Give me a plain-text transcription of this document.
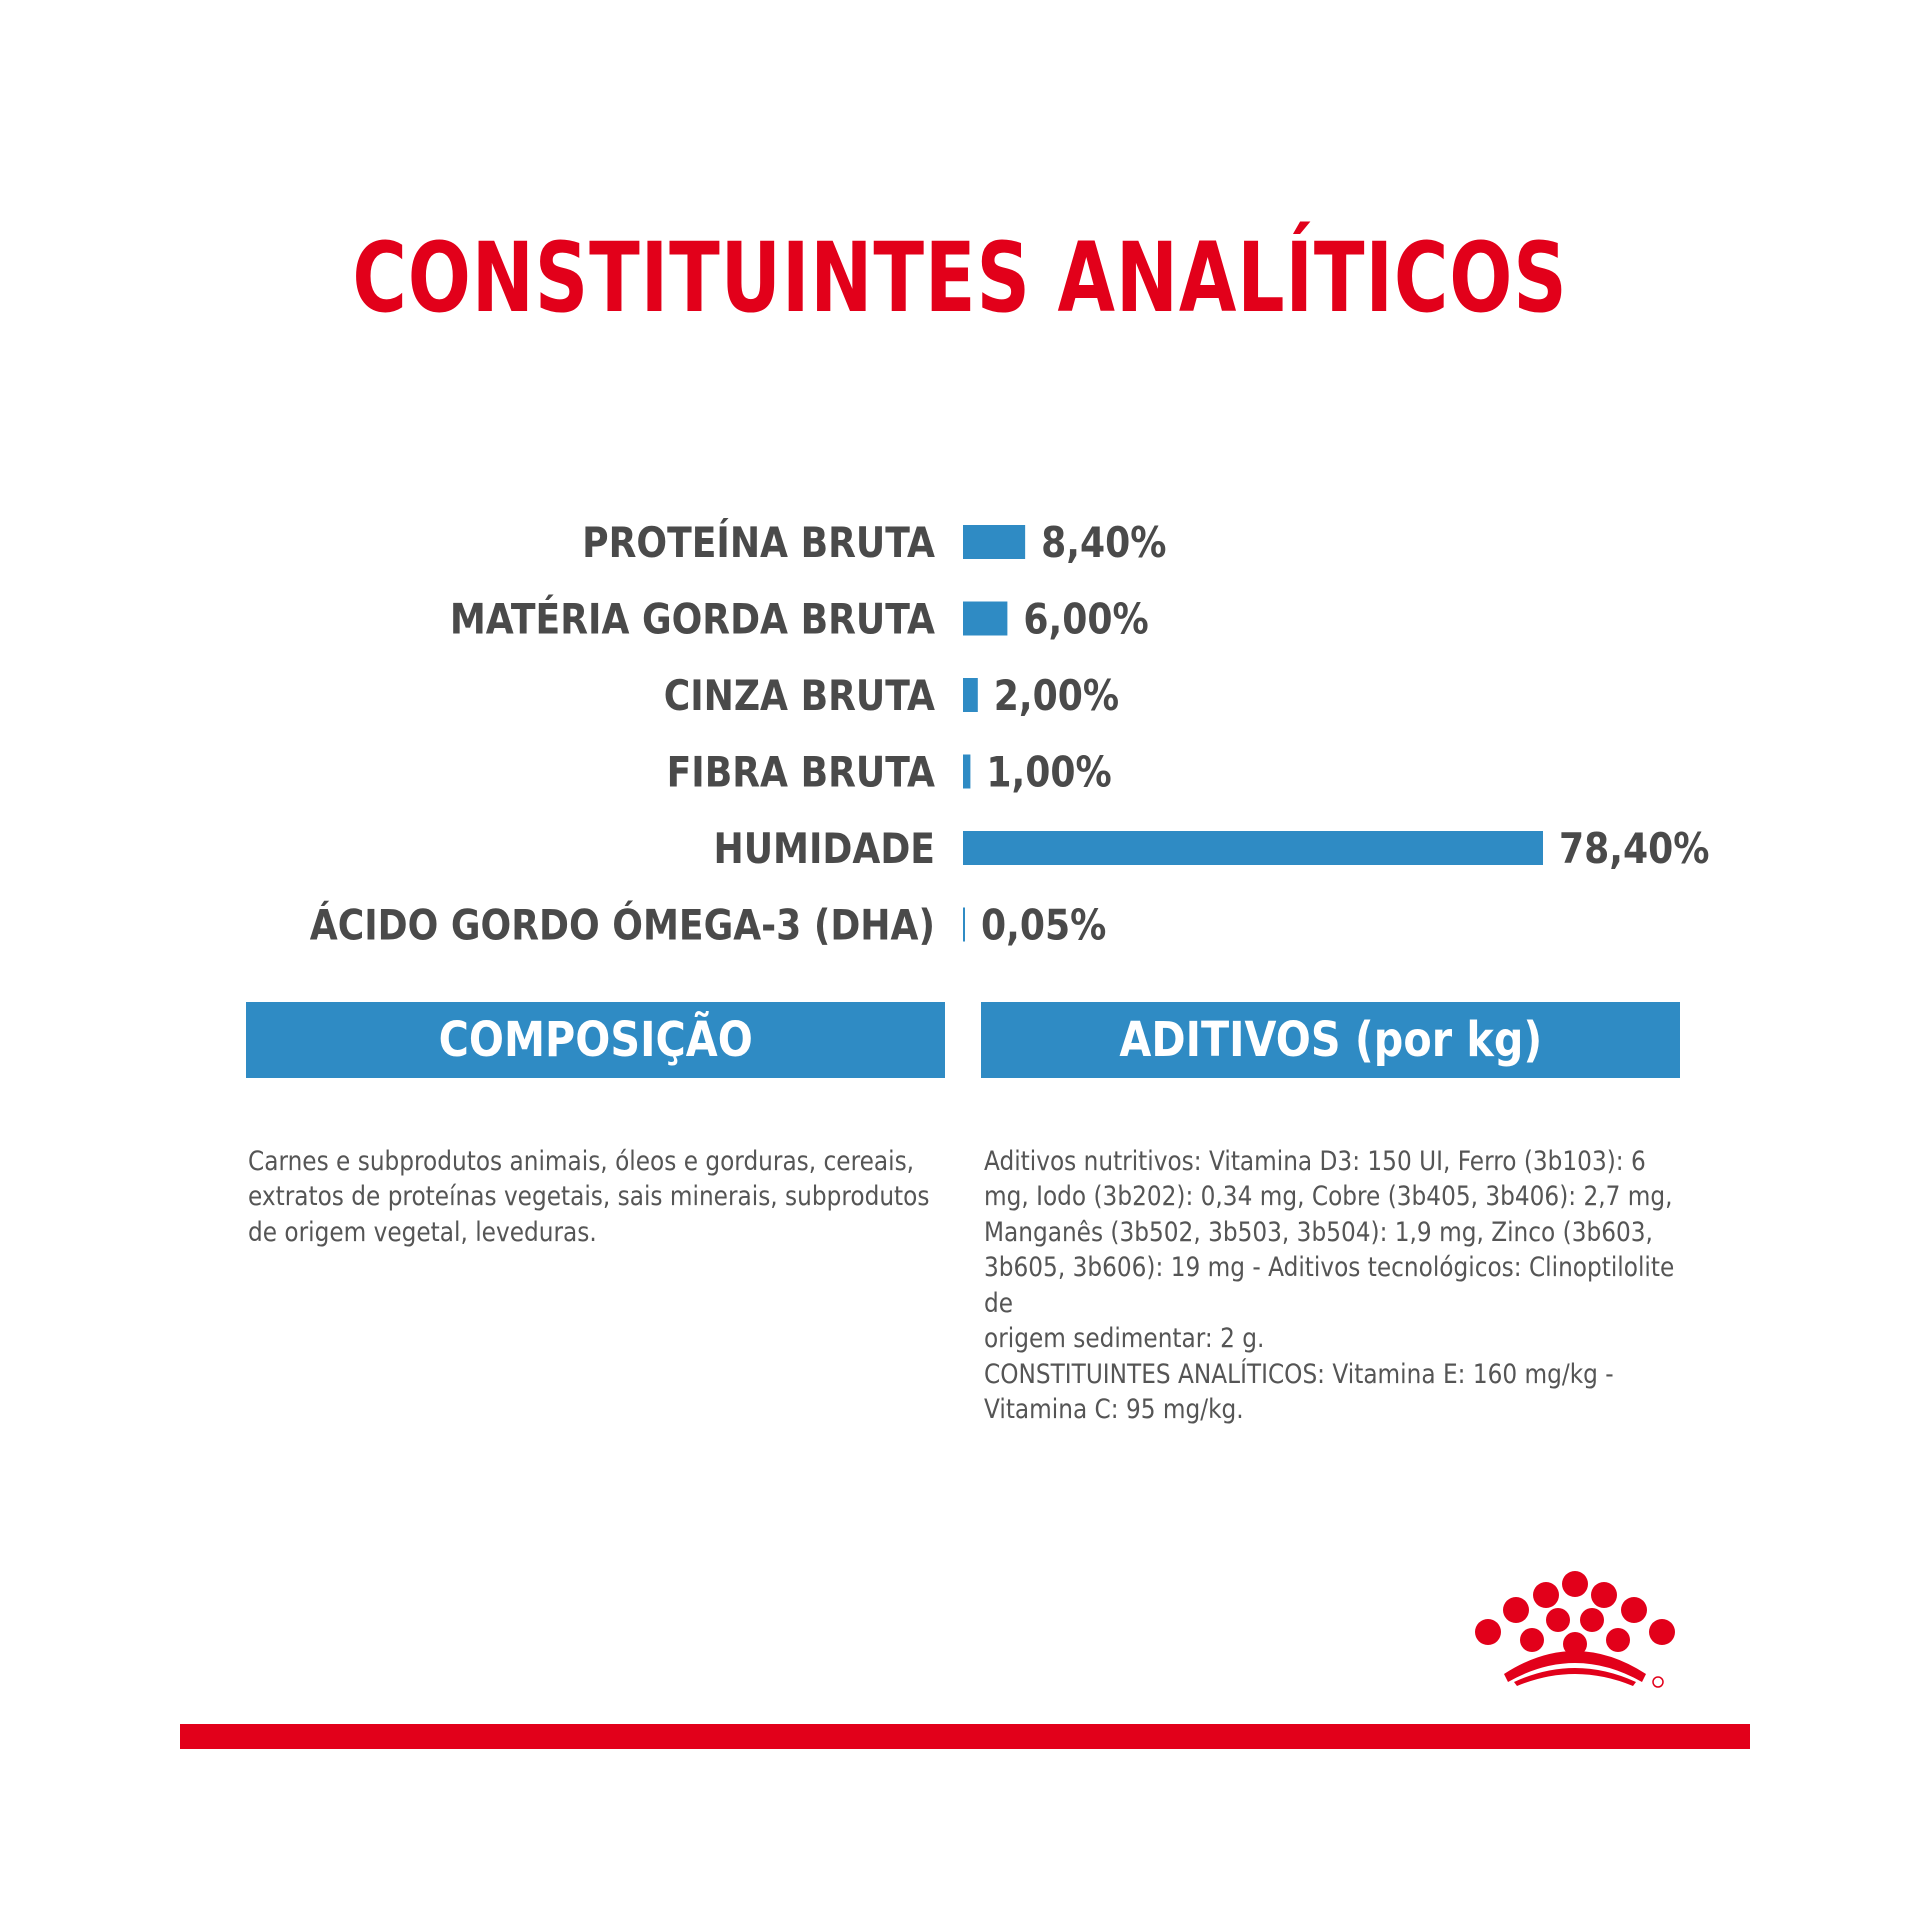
CONSTITUINTES ANALÍTICOS
PROTEÍNA BRUTA	8,40%
MATÉRIA GORDA BRUTA 6,00%
CINZA BRUTA 2,00%
FIBRA BRUTA 1,00%
HUMIDADE	78,40%
ÁCIDO GORDO ÓMEGA-3 (DHA) 0,05%
COMPOSIÇÃO	ADITIVOS (por kg)

Carnes e subprodutos animais, óleos e gorduras, cereais,
extratos de proteínas vegetais, sais minerais, subprodutos
de origem vegetal, leveduras.

Aditivos nutritivos: Vitamina D3: 150 UI, Ferro (3b103): 6
mg, Iodo (3b202): 0,34 mg, Cobre (3b405, 3b406): 2,7 mg,
Manganês (3b502, 3b503, 3b504): 1,9 mg, Zinco (3b603,
3b605, 3b606): 19 mg - Aditivos tecnológicos: Clinoptilolite de
origem sedimentar: 2 g.
CONSTITUINTES ANALÍTICOS: Vitamina E: 160 mg/kg -
Vitamina C: 95 mg/kg.
